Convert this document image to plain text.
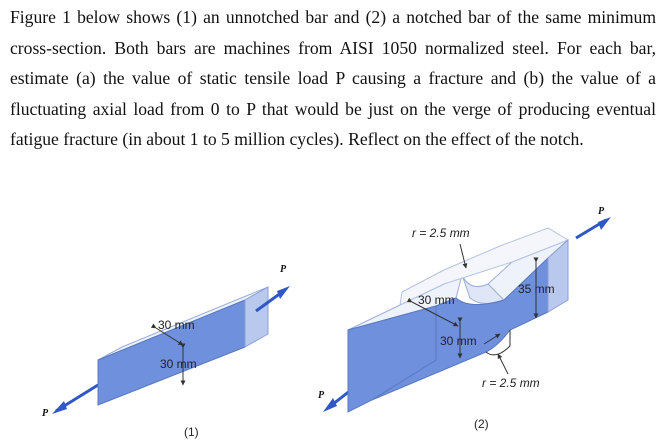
Figure 1 below shows (1) an unnotched bar and (2) a notched bar of the same minimum cross-section. Both bars are machines from AISI 1050 normalized steel. For each bar, estimate (a) the value of static tensile load P causing a fracture and (b) the value of a fluctuating axial load from 0 to P that would be just on the verge of producing eventual fatigue fracture (in about 1 to 5 million cycles). Reflect on the effect of the notch.

30 mm
30 mm
P
P
(1)
r = 2.5 mm
35 mm
30 mm
30 mm
r = 2.5 mm
P
P
(2)
